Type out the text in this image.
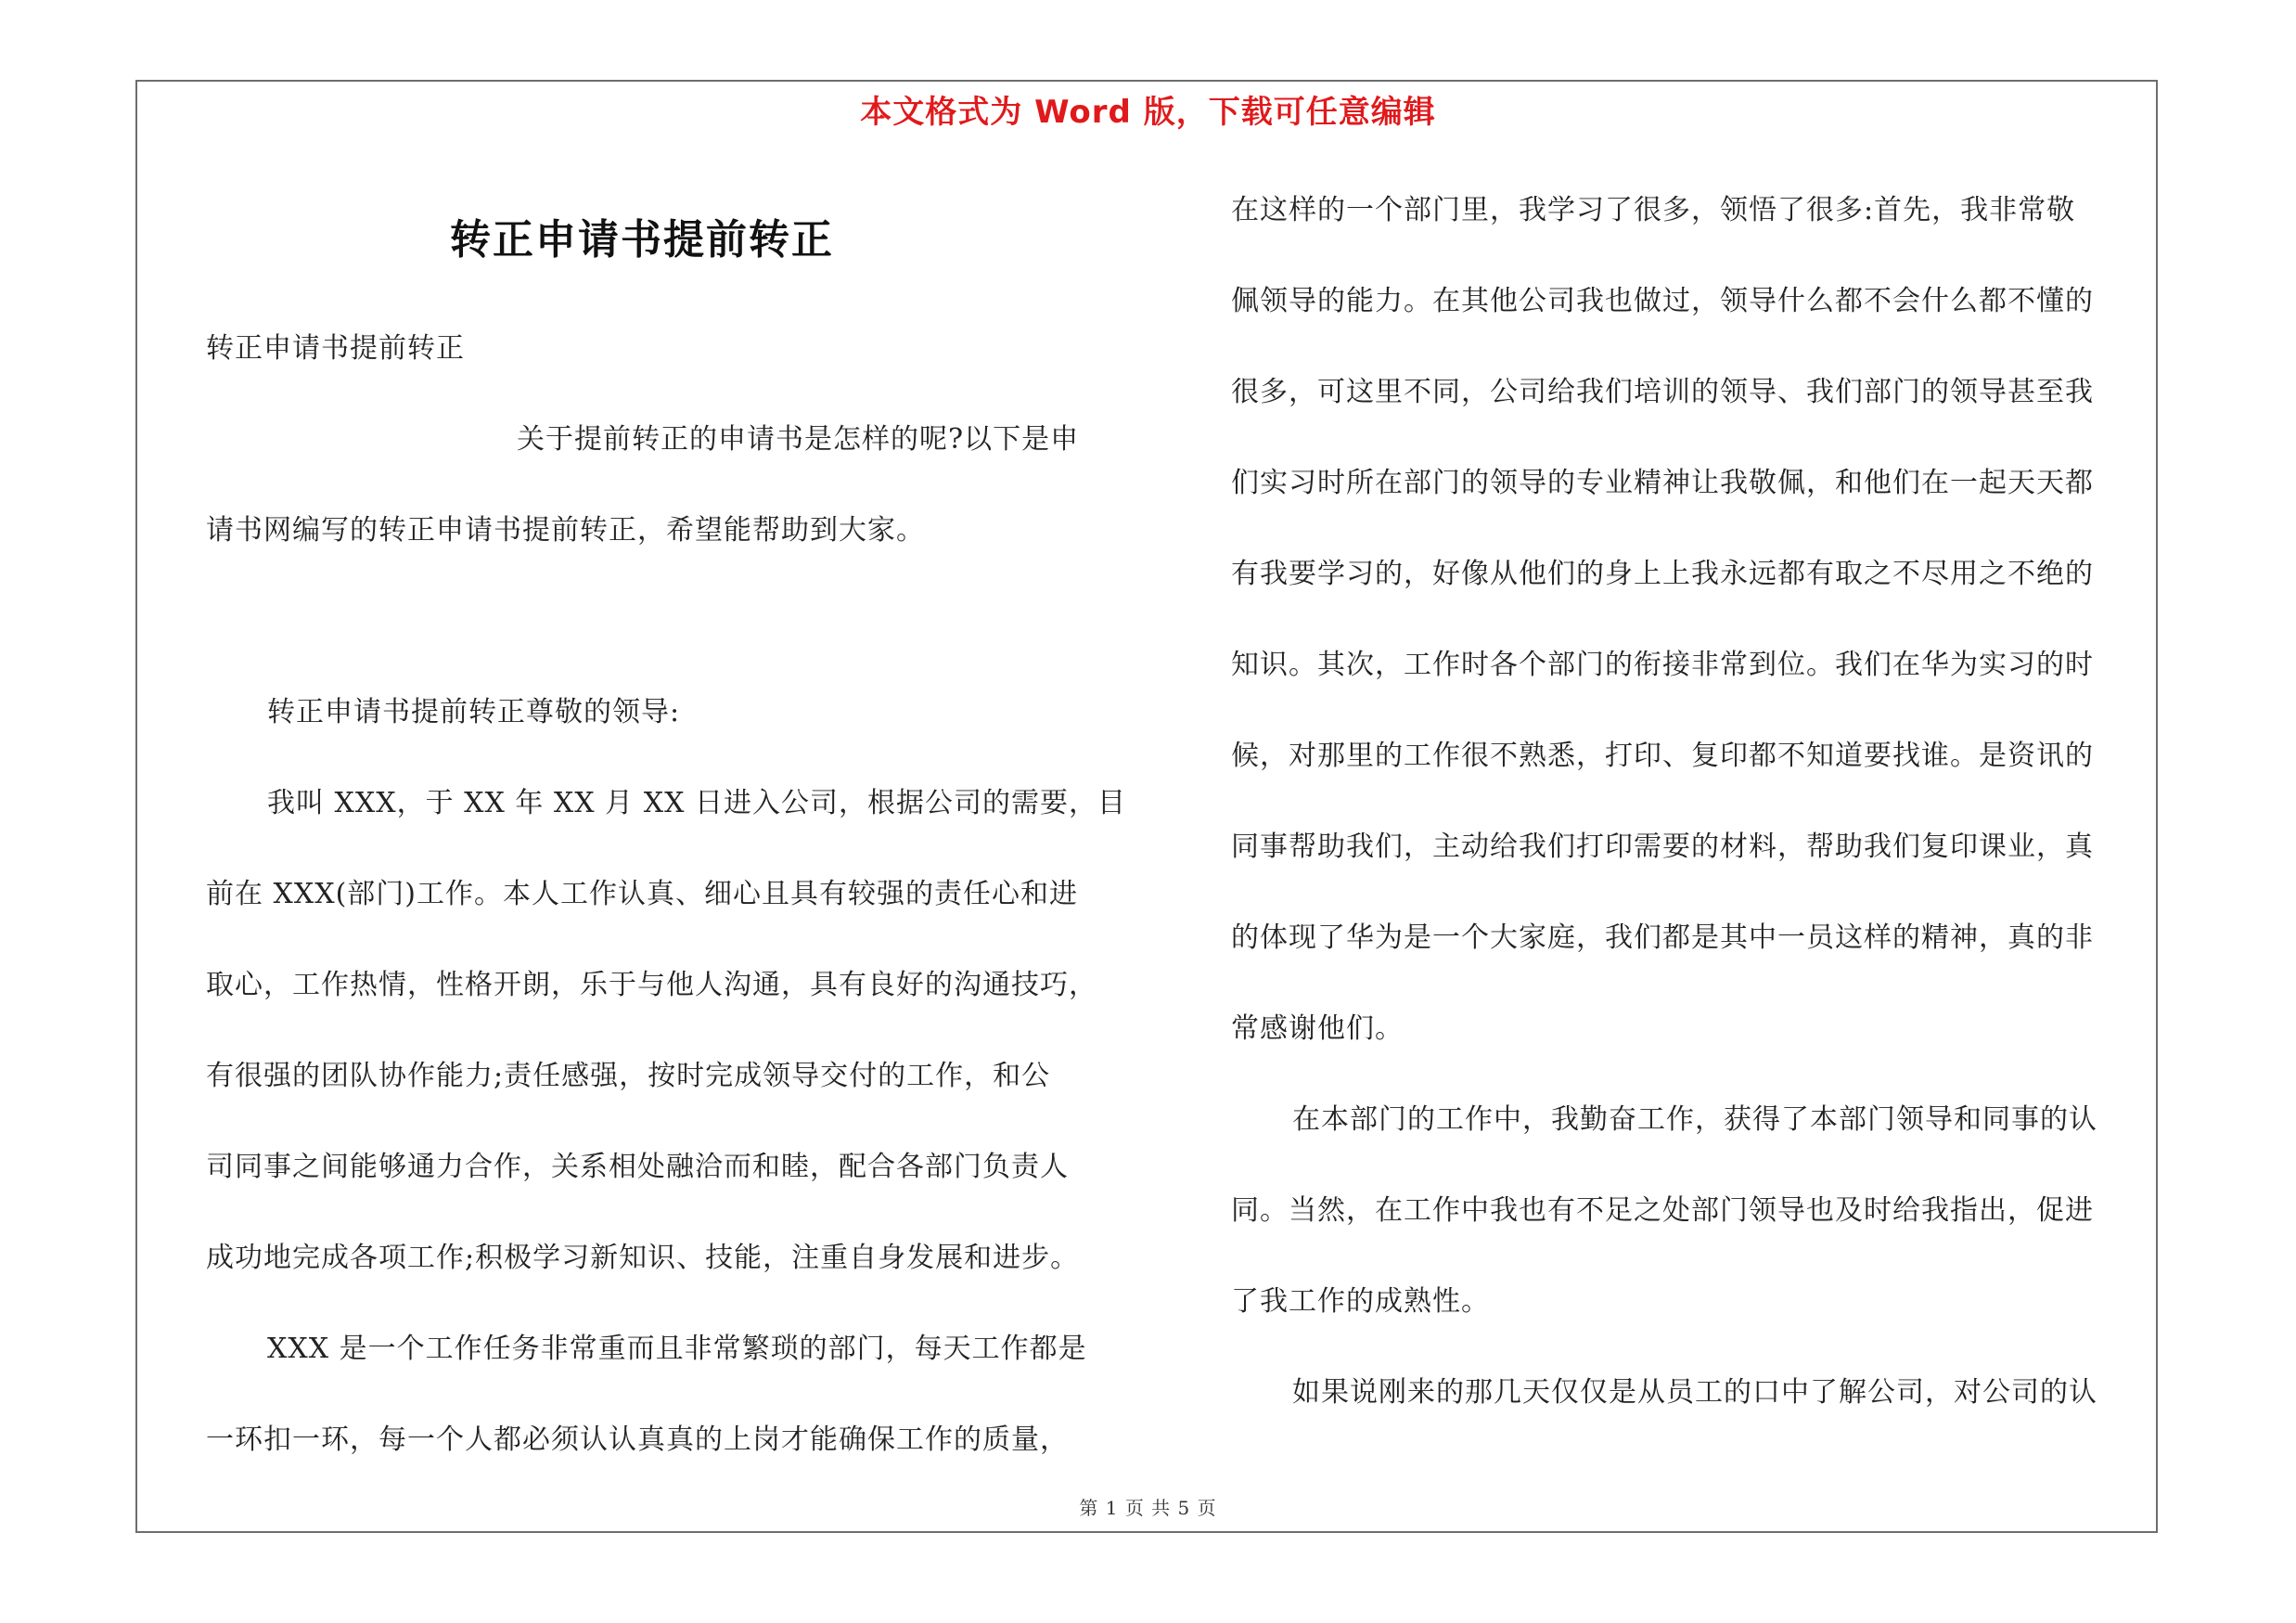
本文格式为 Word 版，下载可任意编辑
转正申请书提前转正
转正申请书提前转正
关于提前转正的申请书是怎样的呢?以下是申
请书网编写的转正申请书提前转正，希望能帮助到大家。
转正申请书提前转正尊敬的领导:
我叫 XXX，于 XX 年 XX 月 XX 日进入公司，根据公司的需要，目
前在 XXX(部门)工作。本人工作认真、细心且具有较强的责任心和进
取心，工作热情，性格开朗，乐于与他人沟通，具有良好的沟通技巧，
有很强的团队协作能力;责任感强，按时完成领导交付的工作，和公
司同事之间能够通力合作，关系相处融洽而和睦，配合各部门负责人
成功地完成各项工作;积极学习新知识、技能，注重自身发展和进步。
XXX 是一个工作任务非常重而且非常繁琐的部门，每天工作都是
一环扣一环，每一个人都必须认认真真的上岗才能确保工作的质量，
在这样的一个部门里，我学习了很多，领悟了很多:首先，我非常敬
佩领导的能力。在其他公司我也做过，领导什么都不会什么都不懂的
很多，可这里不同，公司给我们培训的领导、我们部门的领导甚至我
们实习时所在部门的领导的专业精神让我敬佩，和他们在一起天天都
有我要学习的，好像从他们的身上上我永远都有取之不尽用之不绝的
知识。其次，工作时各个部门的衔接非常到位。我们在华为实习的时
候，对那里的工作很不熟悉，打印、复印都不知道要找谁。是资讯的
同事帮助我们，主动给我们打印需要的材料，帮助我们复印课业，真
的体现了华为是一个大家庭，我们都是其中一员这样的精神，真的非
常感谢他们。
在本部门的工作中，我勤奋工作，获得了本部门领导和同事的认
同。当然，在工作中我也有不足之处部门领导也及时给我指出，促进
了我工作的成熟性。
如果说刚来的那几天仅仅是从员工的口中了解公司，对公司的认
第 1 页 共 5 页
